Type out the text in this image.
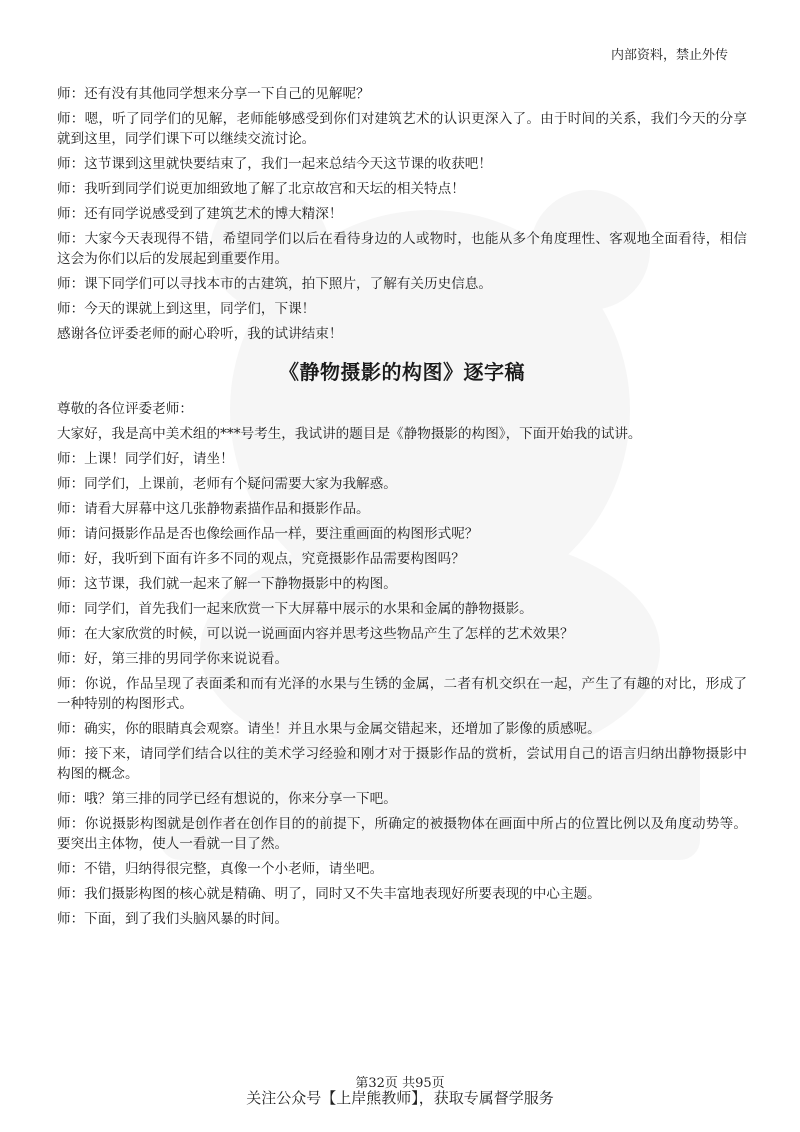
内部资料，禁止外传

师：还有没有其他同学想来分享一下自己的见解呢？

师：嗯，听了同学们的见解，老师能够感受到你们对建筑艺术的认识更深入了。由于时间的关系，我们今天的分享就到这里，同学们课下可以继续交流讨论。

师：这节课到这里就快要结束了，我们一起来总结今天这节课的收获吧！

师：我听到同学们说更加细致地了解了北京故宫和天坛的相关特点！

师：还有同学说感受到了建筑艺术的博大精深！

师：大家今天表现得不错，希望同学们以后在看待身边的人或物时，也能从多个角度理性、客观地全面看待，相信这会为你们以后的发展起到重要作用。

师：课下同学们可以寻找本市的古建筑，拍下照片，了解有关历史信息。

师：今天的课就上到这里，同学们，下课！

感谢各位评委老师的耐心聆听，我的试讲结束！

《静物摄影的构图》逐字稿

尊敬的各位评委老师：

大家好，我是高中美术组的***号考生，我试讲的题目是《静物摄影的构图》，下面开始我的试讲。

师：上课！同学们好，请坐！

师：同学们，上课前，老师有个疑问需要大家为我解惑。

师：请看大屏幕中这几张静物素描作品和摄影作品。

师：请问摄影作品是否也像绘画作品一样，要注重画面的构图形式呢？

师：好，我听到下面有许多不同的观点，究竟摄影作品需要构图吗？

师：这节课，我们就一起来了解一下静物摄影中的构图。

师：同学们，首先我们一起来欣赏一下大屏幕中展示的水果和金属的静物摄影。

师：在大家欣赏的时候，可以说一说画面内容并思考这些物品产生了怎样的艺术效果？

师：好，第三排的男同学你来说说看。

师：你说，作品呈现了表面柔和而有光泽的水果与生锈的金属，二者有机交织在一起，产生了有趣的对比，形成了一种特别的构图形式。

师：确实，你的眼睛真会观察。请坐！并且水果与金属交错起来，还增加了影像的质感呢。

师：接下来，请同学们结合以往的美术学习经验和刚才对于摄影作品的赏析，尝试用自己的语言归纳出静物摄影中构图的概念。

师：哦？第三排的同学已经有想说的，你来分享一下吧。

师：你说摄影构图就是创作者在创作目的的前提下，所确定的被摄物体在画面中所占的位置比例以及角度动势等。要突出主体物，使人一看就一目了然。

师：不错，归纳得很完整，真像一个小老师，请坐吧。

师：我们摄影构图的核心就是精确、明了，同时又不失丰富地表现好所要表现的中心主题。

师：下面，到了我们头脑风暴的时间。

第32页 共95页
关注公众号【上岸熊教师】，获取专属督学服务
